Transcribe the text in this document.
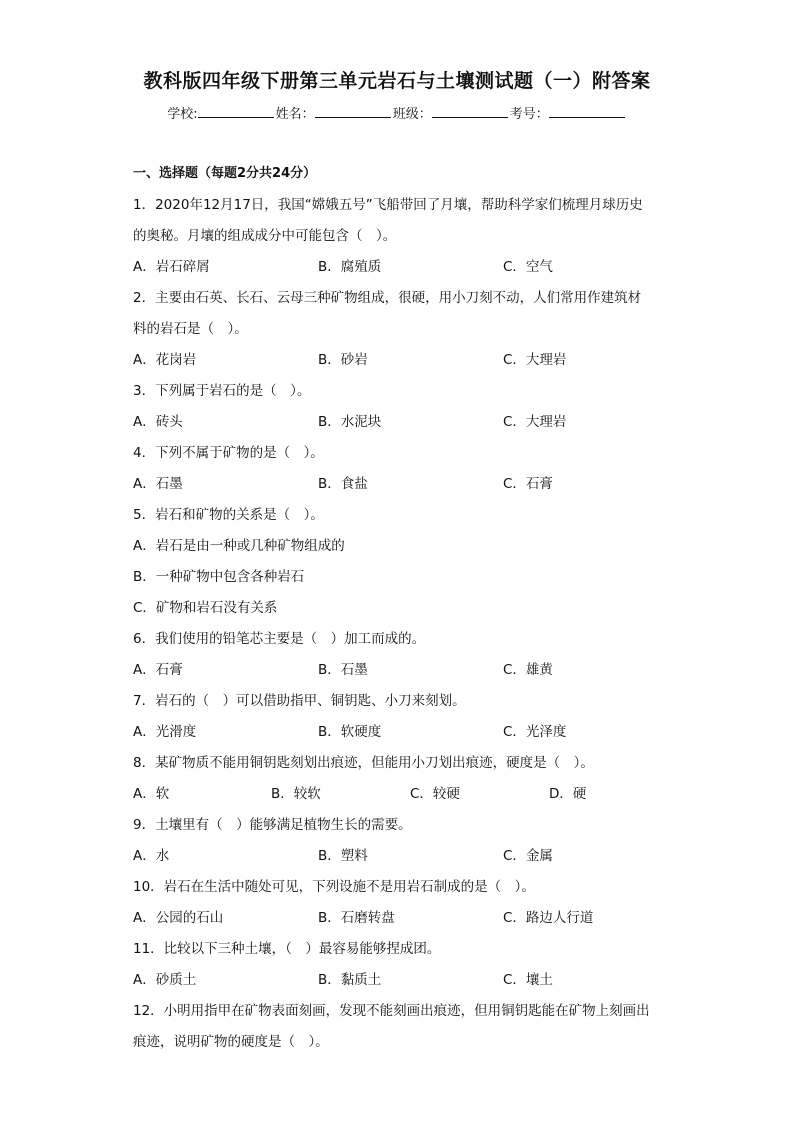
教科版四年级下册第三单元岩石与土壤测试题（一）附答案
学校:	姓名：	班级：	考号：
一、选择题（每题2分共24分）
1．2020年12月17日，我国“嫦娥五号”飞船带回了月壤，帮助科学家们梳理月球历史
的奥秘。月壤的组成成分中可能包含（　）。
A．岩石碎屑	B．腐殖质	C．空气
2．主要由石英、长石、云母三种矿物组成，很硬，用小刀刻不动，人们常用作建筑材
料的岩石是（　）。
A．花岗岩	B．砂岩	C．大理岩
3．下列属于岩石的是（　）。
A．砖头	B．水泥块	C．大理岩
4．下列不属于矿物的是（　）。
A．石墨	B．食盐	C．石膏
5．岩石和矿物的关系是（　）。
A．岩石是由一种或几种矿物组成的
B．一种矿物中包含各种岩石
C．矿物和岩石没有关系
6．我们使用的铅笔芯主要是（　）加工而成的。
A．石膏	B．石墨	C．雄黄
7．岩石的（　）可以借助指甲、铜钥匙、小刀来刻划。
A．光滑度	B．软硬度	C．光泽度
8．某矿物质不能用铜钥匙刻划出痕迹，但能用小刀划出痕迹，硬度是（　）。
A．软	B．较软	C．较硬	D．硬
9．土壤里有（　）能够满足植物生长的需要。
A．水	B．塑料	C．金属
10．岩石在生活中随处可见，下列设施不是用岩石制成的是（　）。
A．公园的石山	B．石磨转盘	C．路边人行道
11．比较以下三种土壤，（　）最容易能够捏成团。
A．砂质土	B．黏质土	C．壤土
12．小明用指甲在矿物表面刻画，发现不能刻画出痕迹，但用铜钥匙能在矿物上刻画出
痕迹，说明矿物的硬度是（　）。
